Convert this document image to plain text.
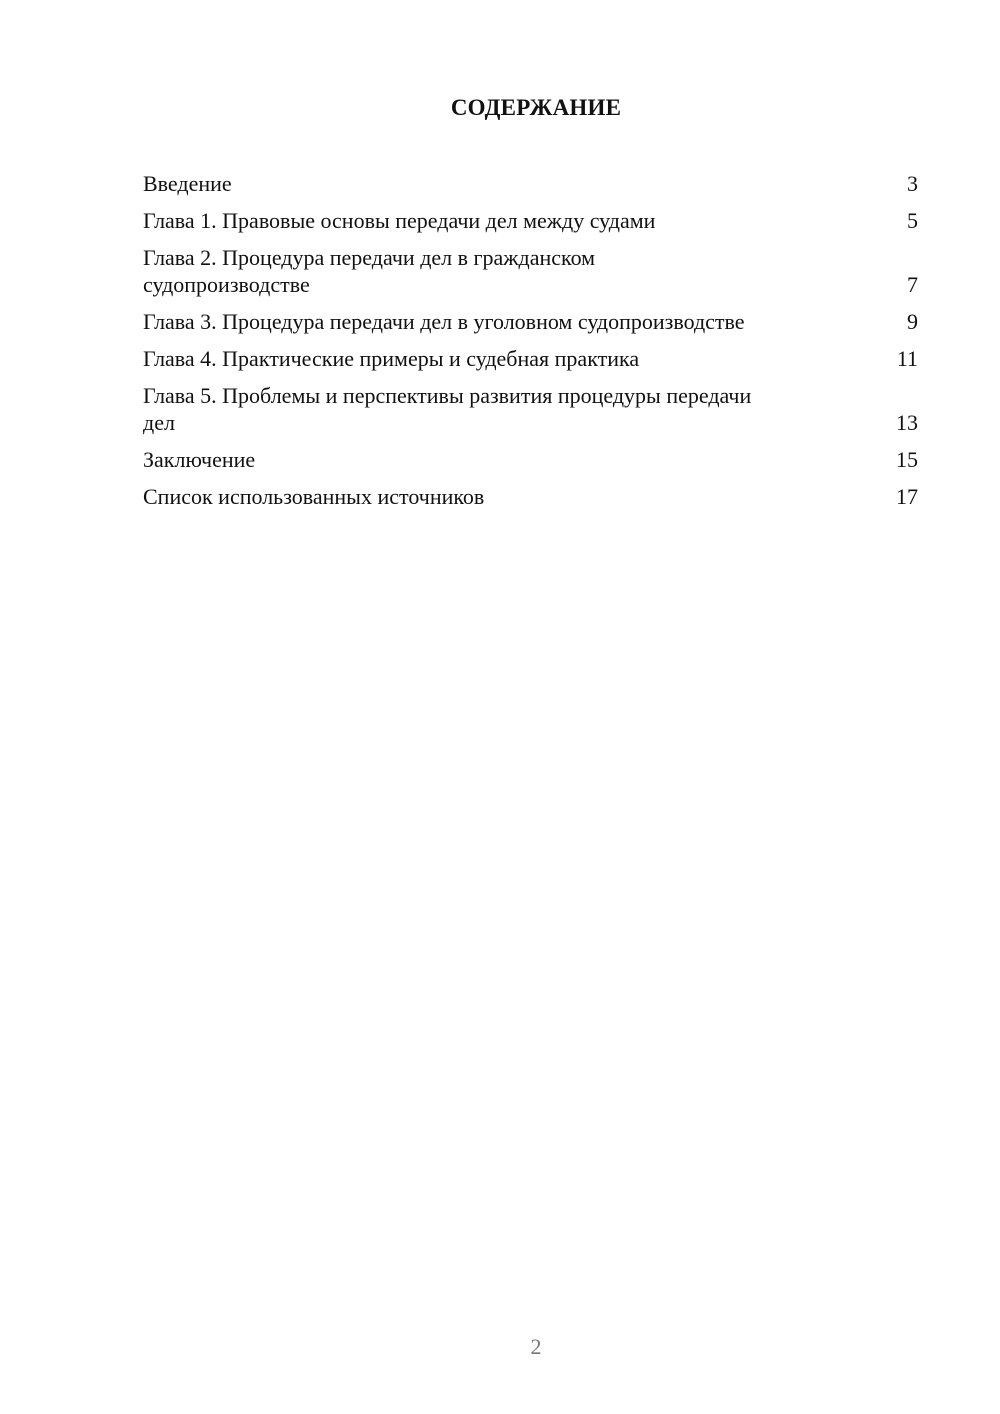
СОДЕРЖАНИЕ
Введение	3
Глава 1. Правовые основы передачи дел между судами	5
Глава 2. Процедура передачи дел в гражданском судопроизводстве	7
Глава 3. Процедура передачи дел в уголовном судопроизводстве	9
Глава 4. Практические примеры и судебная практика	11
Глава 5. Проблемы и перспективы развития процедуры передачи дел	13
Заключение	15
Список использованных источников	17
2
